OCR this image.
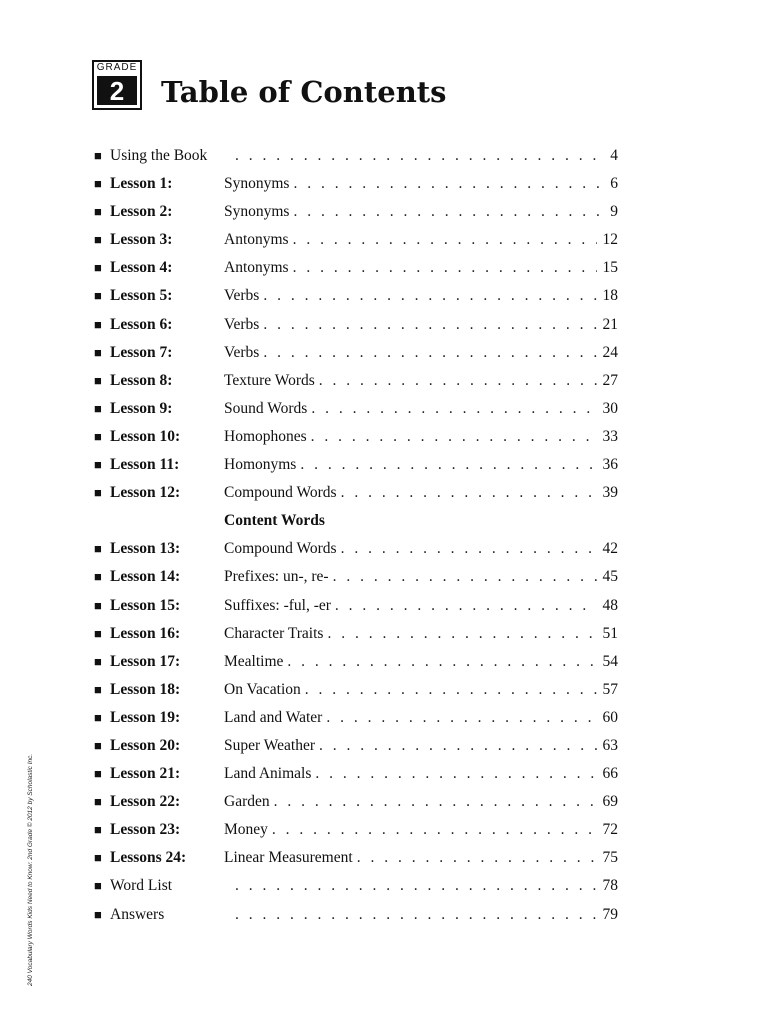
GRADE
2	Table of Contents
■ Using the Book . . .	4
■ Lesson 1:	Synonyms . . .	6
■ Lesson 2:	Synonyms . . .	9
■ Lesson 3:	Antonyms . . .	12
■ Lesson 4:	Antonyms . . .	15
■ Lesson 5:	Verbs . . .	18
■ Lesson 6:	Verbs . . .	21
■ Lesson 7:	Verbs . . .	24
■ Lesson 8:	Texture Words . . .	27
■ Lesson 9:	Sound Words . . .	30
■ Lesson 10:	Homophones . . .	33
■ Lesson 11:	Homonyms . . .	36
■ Lesson 12:	Compound Words . . .	39
Content Words
■ Lesson 13:	Compound Words . . .	42
■ Lesson 14:	Prefixes: un-, re- . . .	45
■ Lesson 15:	Suffixes: -ful, -er . . .	48
■ Lesson 16:	Character Traits . . .	51
■ Lesson 17:	Mealtime . . .	54
■ Lesson 18:	On Vacation . . .	57
■ Lesson 19:	Land and Water . . .	60
■ Lesson 20:	Super Weather . . .	63
■ Lesson 21:	Land Animals . . .	66
■ Lesson 22:	Garden . . .	69
■ Lesson 23:	Money . . .	72
■ Lessons 24:	Linear Measurement . . .	75
■ Word List . . .	78
■ Answers . . .	79
240 Vocabulary Words Kids Need to Know: 2nd Grade © 2012 by Scholastic Inc.
